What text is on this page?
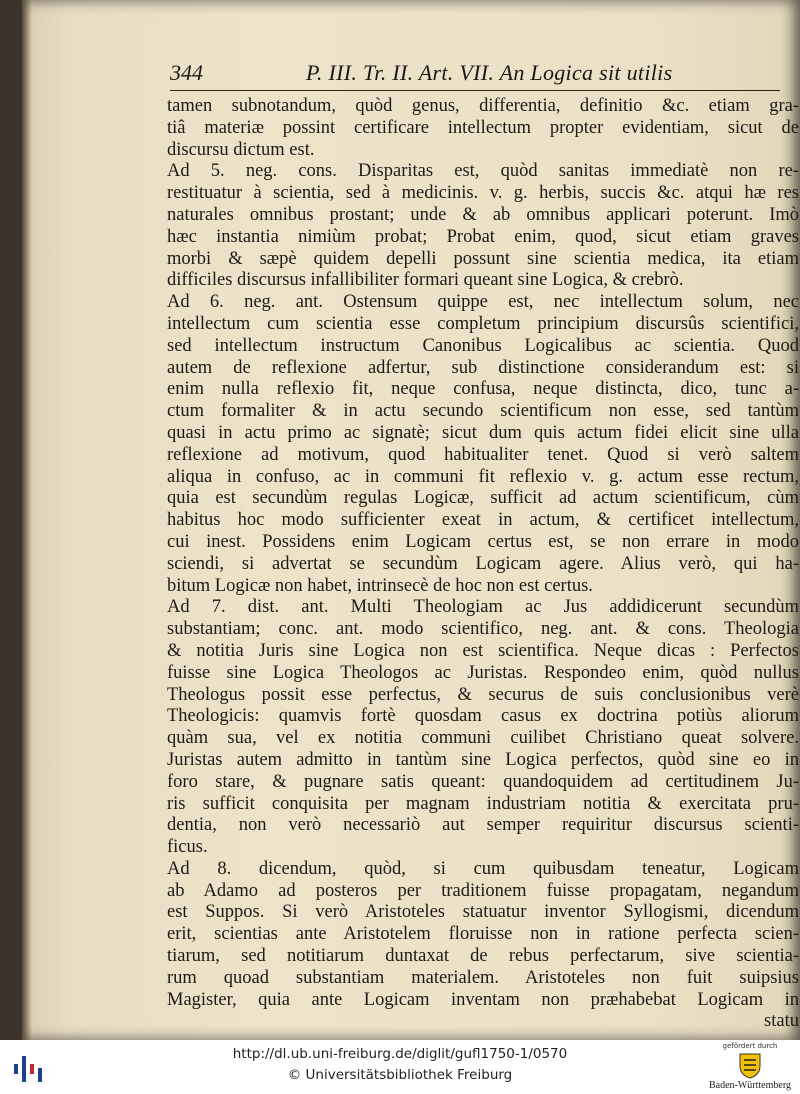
344	P. III. Tr. II. Art. VII. An Logica sit utilis
tamen subnotandum, quòd genus, differentia, definitio &c. etiam gra-
tiâ materiæ possint certificare intellectum propter evidentiam, sicut de
discursu dictum est.
Ad 5. neg. cons. Disparitas est, quòd sanitas immediatè non re-
restituatur à scientia, sed à medicinis. v. g. herbis, succis &c. atqui hæ res
naturales omnibus prostant; unde & ab omnibus applicari poterunt. Imò
hæc instantia nimiùm probat; Probat enim, quod, sicut etiam graves
morbi & sæpè quidem depelli possunt sine scientia medica, ita etiam
difficiles discursus infallibiliter formari queant sine Logica, & crebrò.
Ad 6. neg. ant. Ostensum quippe est, nec intellectum solum, nec
intellectum cum scientia esse completum principium discursûs scientifici,
sed intellectum instructum Canonibus Logicalibus ac scientia. Quod
autem de reflexione adfertur, sub distinctione considerandum est: si
enim nulla reflexio fit, neque confusa, neque distincta, dico, tunc a-
ctum formaliter & in actu secundo scientificum non esse, sed tantùm
quasi in actu primo ac signatè; sicut dum quis actum fidei elicit sine ulla
reflexione ad motivum, quod habitualiter tenet. Quod si verò saltem
aliqua in confuso, ac in communi fit reflexio v. g. actum esse rectum,
quia est secundùm regulas Logicæ, sufficit ad actum scientificum, cùm
habitus hoc modo sufficienter exeat in actum, & certificet intellectum,
cui inest. Possidens enim Logicam certus est, se non errare in modo
sciendi, si advertat se secundùm Logicam agere. Alius verò, qui ha-
bitum Logicæ non habet, intrinsecè de hoc non est certus.
Ad 7. dist. ant. Multi Theologiam ac Jus addidicerunt secundùm
substantiam; conc. ant. modo scientifico, neg. ant. & cons. Theologia
& notitia Juris sine Logica non est scientifica. Neque dicas : Perfectos
fuisse sine Logica Theologos ac Juristas. Respondeo enim, quòd nullus
Theologus possit esse perfectus, & securus de suis conclusionibus verè
Theologicis: quamvis fortè quosdam casus ex doctrina potiùs aliorum
quàm sua, vel ex notitia communi cuilibet Christiano queat solvere.
Juristas autem admitto in tantùm sine Logica perfectos, quòd sine eo in
foro stare, & pugnare satis queant: quandoquidem ad certitudinem Ju-
ris sufficit conquisita per magnam industriam notitia & exercitata pru-
dentia, non verò necessariò aut semper requiritur discursus scienti-
ficus.
Ad 8. dicendum, quòd, si cum quibusdam teneatur, Logicam
ab Adamo ad posteros per traditionem fuisse propagatam, negandum
est Suppos. Si verò Aristoteles statuatur inventor Syllogismi, dicendum
erit, scientias ante Aristotelem floruisse non in ratione perfecta scien-
tiarum, sed notitiarum duntaxat de rebus perfectarum, sive scientia-
rum quoad substantiam materialem. Aristoteles non fuit suipsius
Magister, quia ante Logicam inventam non præhabebat Logicam in
statu
http://dl.ub.uni-freiburg.de/diglit/gufl1750-1/0570
© Universitätsbibliothek Freiburg
gefördert durch
Baden-Württemberg
